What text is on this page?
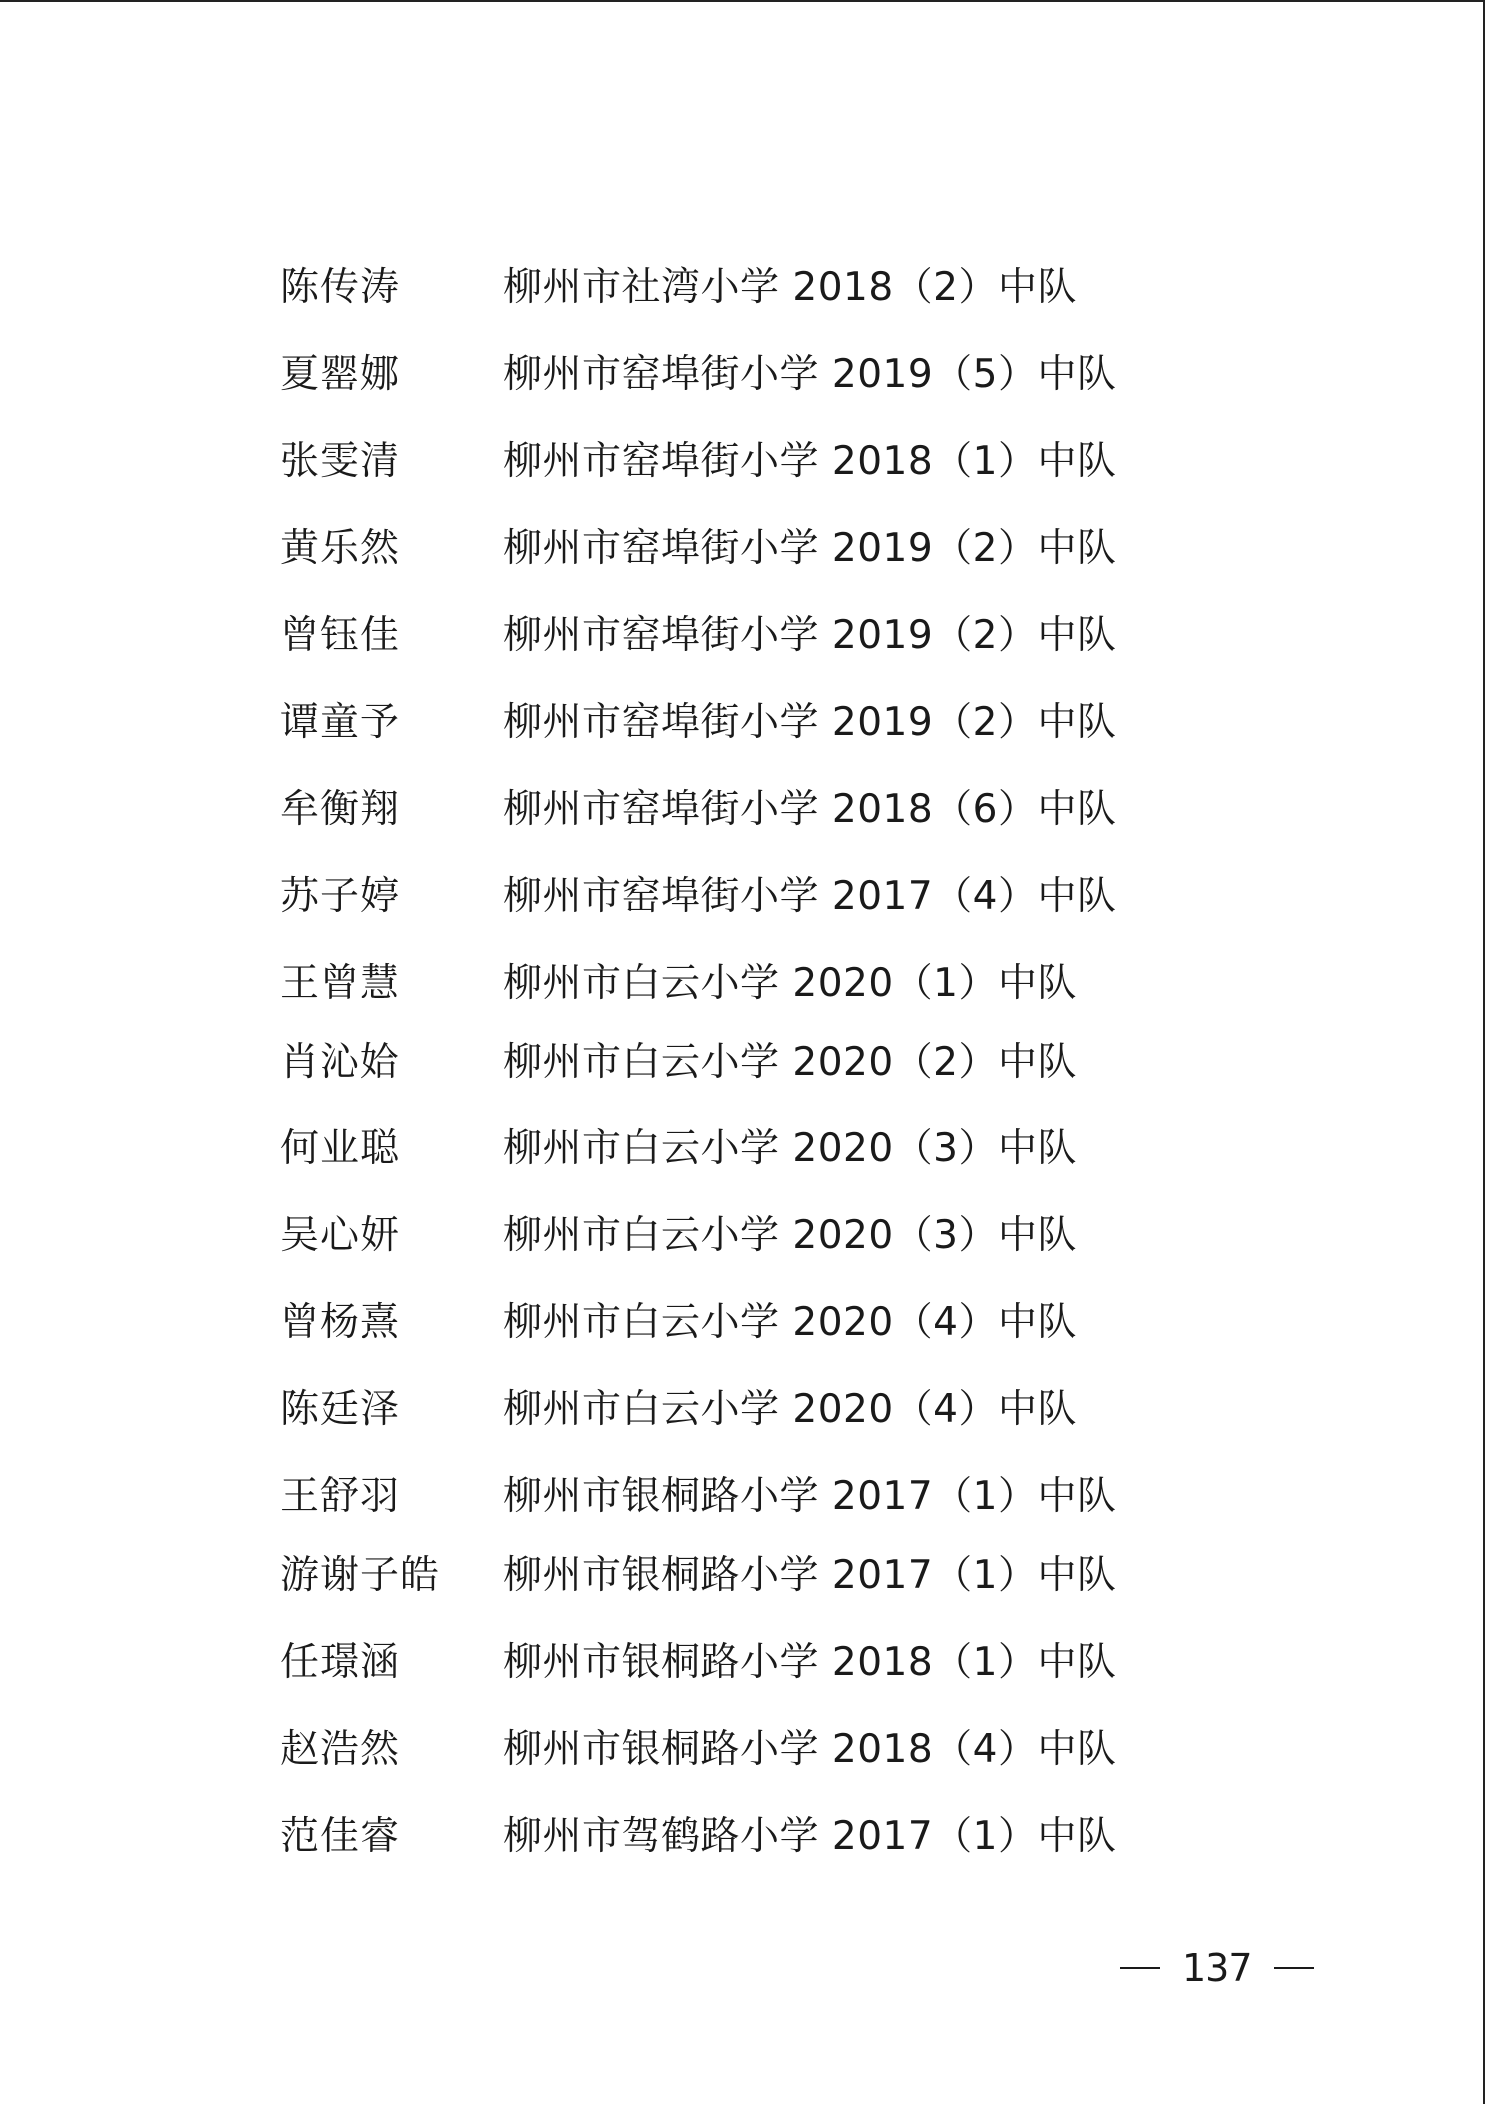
陈传涛	柳州市社湾小学 2018（2）中队
夏罂娜	柳州市窑埠街小学 2019（5）中队
张雯清	柳州市窑埠街小学 2018（1）中队
黄乐然	柳州市窑埠街小学 2019（2）中队
曾钰佳	柳州市窑埠街小学 2019（2）中队
谭童予	柳州市窑埠街小学 2019（2）中队
牟衡翔	柳州市窑埠街小学 2018（6）中队
苏子婷	柳州市窑埠街小学 2017（4）中队
王曾慧	柳州市白云小学 2020（1）中队
肖沁姶	柳州市白云小学 2020（2）中队
何业聪	柳州市白云小学 2020（3）中队
吴心妍	柳州市白云小学 2020（3）中队
曾杨熹	柳州市白云小学 2020（4）中队
陈廷泽	柳州市白云小学 2020（4）中队
王舒羽	柳州市银桐路小学 2017（1）中队
游谢子皓	柳州市银桐路小学 2017（1）中队
任璟涵	柳州市银桐路小学 2018（1）中队
赵浩然	柳州市银桐路小学 2018（4）中队
范佳睿	柳州市驾鹤路小学 2017（1）中队
137
